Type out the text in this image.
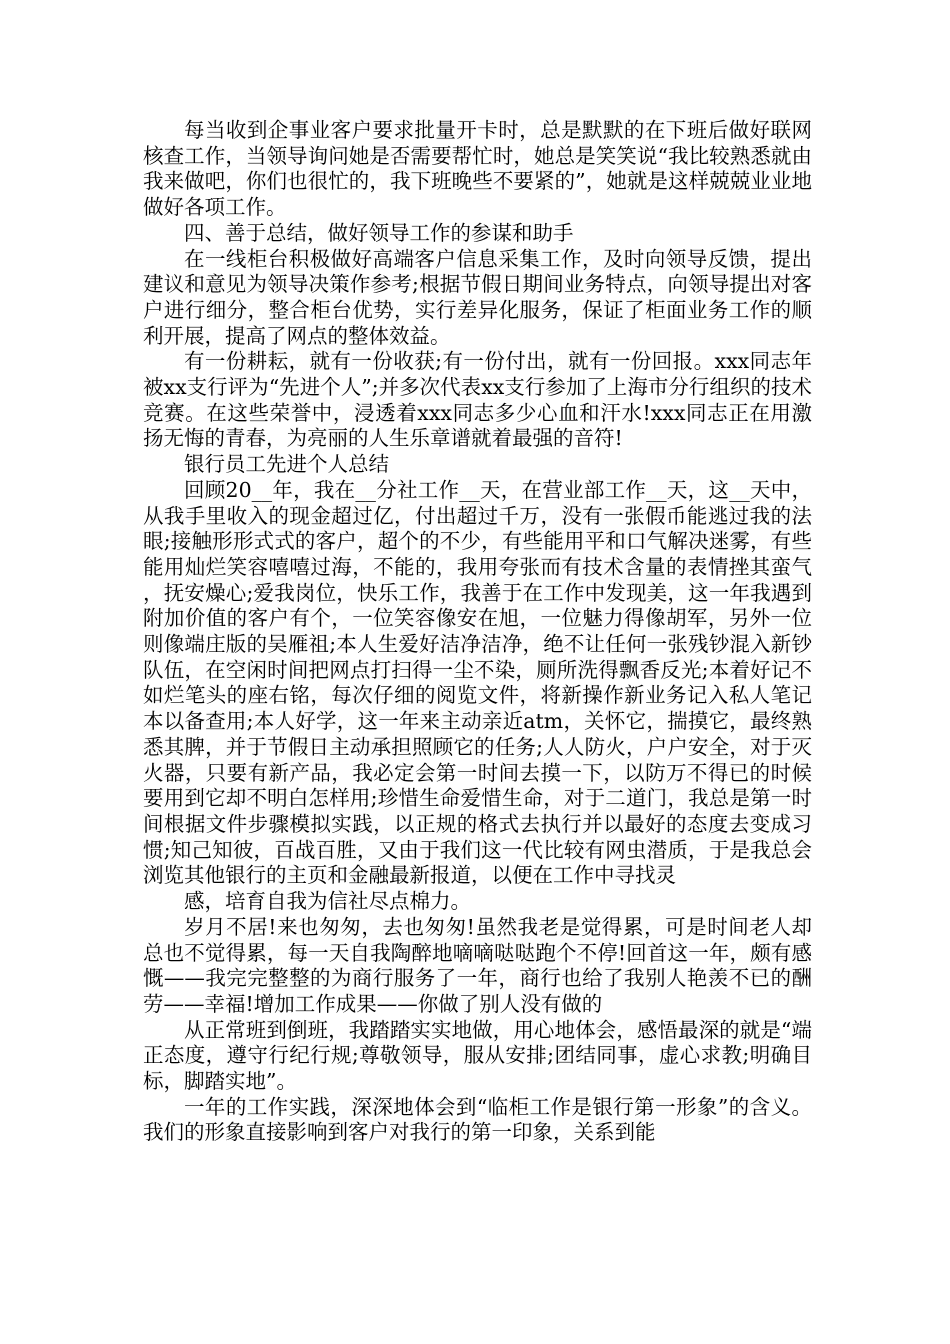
每当收到企事业客户要求批量开卡时，总是默默的在下班后做好联网核查工作，当领导询问她是否需要帮忙时，她总是笑笑说“我比较熟悉就由我来做吧，你们也很忙的，我下班晚些不要紧的”，她就是这样兢兢业业地做好各项工作。

四、善于总结，做好领导工作的参谋和助手

在一线柜台积极做好高端客户信息采集工作，及时向领导反馈，提出建议和意见为领导决策作参考;根据节假日期间业务特点，向领导提出对客户进行细分，整合柜台优势，实行差异化服务，保证了柜面业务工作的顺利开展，提高了网点的整体效益。

有一份耕耘，就有一份收获;有一份付出，就有一份回报。xxx同志年被xx支行评为“先进个人”;并多次代表xx支行参加了上海市分行组织的技术竞赛。在这些荣誉中，浸透着xxx同志多少心血和汗水!xxx同志正在用激扬无悔的青春，为亮丽的人生乐章谱就着最强的音符!

银行员工先进个人总结

回顾20__年，我在__分社工作__天，在营业部工作__天，这__天中，从我手里收入的现金超过亿，付出超过千万，没有一张假币能逃过我的法眼;接触形形式式的客户，超个的不少，有些能用平和口气解决迷雾，有些能用灿烂笑容嘻嘻过海，不能的，我用夸张而有技术含量的表情挫其蛮气，抚安燥心;爱我岗位，快乐工作，我善于在工作中发现美，这一年我遇到附加价值的客户有个，一位笑容像安在旭，一位魅力得像胡军，另外一位则像端庄版的吴雁祖;本人生爱好洁净洁净，绝不让任何一张残钞混入新钞队伍，在空闲时间把网点打扫得一尘不染，厕所洗得飘香反光;本着好记不如烂笔头的座右铭，每次仔细的阅览文件，将新操作新业务记入私人笔记本以备查用;本人好学，这一年来主动亲近atm，关怀它，揣摸它，最终熟悉其脾，并于节假日主动承担照顾它的任务;人人防火，户户安全，对于灭火器，只要有新产品，我必定会第一时间去摸一下，以防万不得已的时候要用到它却不明白怎样用;珍惜生命爱惜生命，对于二道门，我总是第一时间根据文件步骤模拟实践，以正规的格式去执行并以最好的态度去变成习惯;知己知彼，百战百胜，又由于我们这一代比较有网虫潜质，于是我总会浏览其他银行的主页和金融最新报道，以便在工作中寻找灵

感，培育自我为信社尽点棉力。

岁月不居!来也匆匆，去也匆匆!虽然我老是觉得累，可是时间老人却总也不觉得累，每一天自我陶醉地嘀嘀哒哒跑个不停!回首这一年，颇有感慨——我完完整整的为商行服务了一年，商行也给了我别人艳羡不已的酬劳——幸福!增加工作成果——你做了别人没有做的

从正常班到倒班，我踏踏实实地做，用心地体会，感悟最深的就是“端正态度，遵守行纪行规;尊敬领导，服从安排;团结同事，虚心求教;明确目标，脚踏实地”。

一年的工作实践，深深地体会到“临柜工作是银行第一形象”的含义。我们的形象直接影响到客户对我行的第一印象，关系到能
